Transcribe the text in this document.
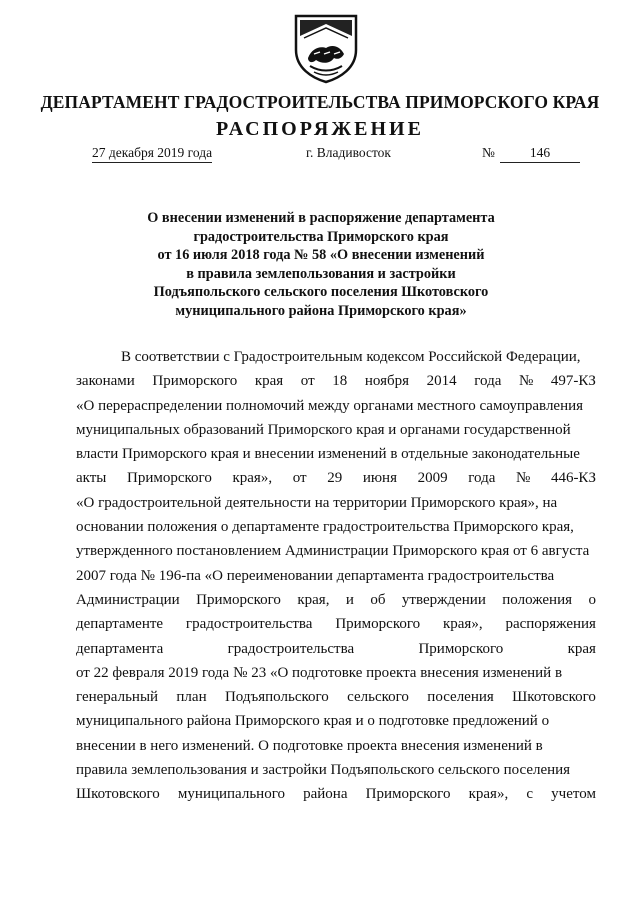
ДЕПАРТАМЕНТ ГРАДОСТРОИТЕЛЬСТВА ПРИМОРСКОГО КРАЯ
РАСПОРЯЖЕНИЕ
27 декабря 2019 года	г. Владивосток	№	146
О внесении изменений в распоряжение департамента
градостроительства Приморского края
от 16 июля 2018 года № 58 «О внесении изменений
в правила землепользования и застройки
Подъяпольского сельского поселения Шкотовского
муниципального района Приморского края»
В соответствии с Градостроительным кодексом Российской Федерации,
законами Приморского края от 18 ноября 2014 года № 497-КЗ
«О перераспределении полномочий между органами местного самоуправления
муниципальных образований Приморского края и органами государственной
власти Приморского края и внесении изменений в отдельные законодательные
акты Приморского края», от 29 июня 2009 года № 446-КЗ
«О градостроительной деятельности на территории Приморского края», на
основании положения о департаменте градостроительства Приморского края,
утвержденного постановлением Администрации Приморского края от 6 августа
2007 года № 196-па «О переименовании департамента градостроительства
Администрации Приморского края, и об утверждении положения о
департаменте градостроительства Приморского края», распоряжения
департамента	градостроительства	Приморского	края
от 22 февраля 2019 года № 23 «О подготовке проекта внесения изменений в
генеральный план Подъяпольского сельского поселения Шкотовского
муниципального района Приморского края и о подготовке предложений о
внесении в него изменений. О подготовке проекта внесения изменений в
правила землепользования и застройки Подъяпольского сельского поселения
Шкотовского муниципального района Приморского края», с учетом
